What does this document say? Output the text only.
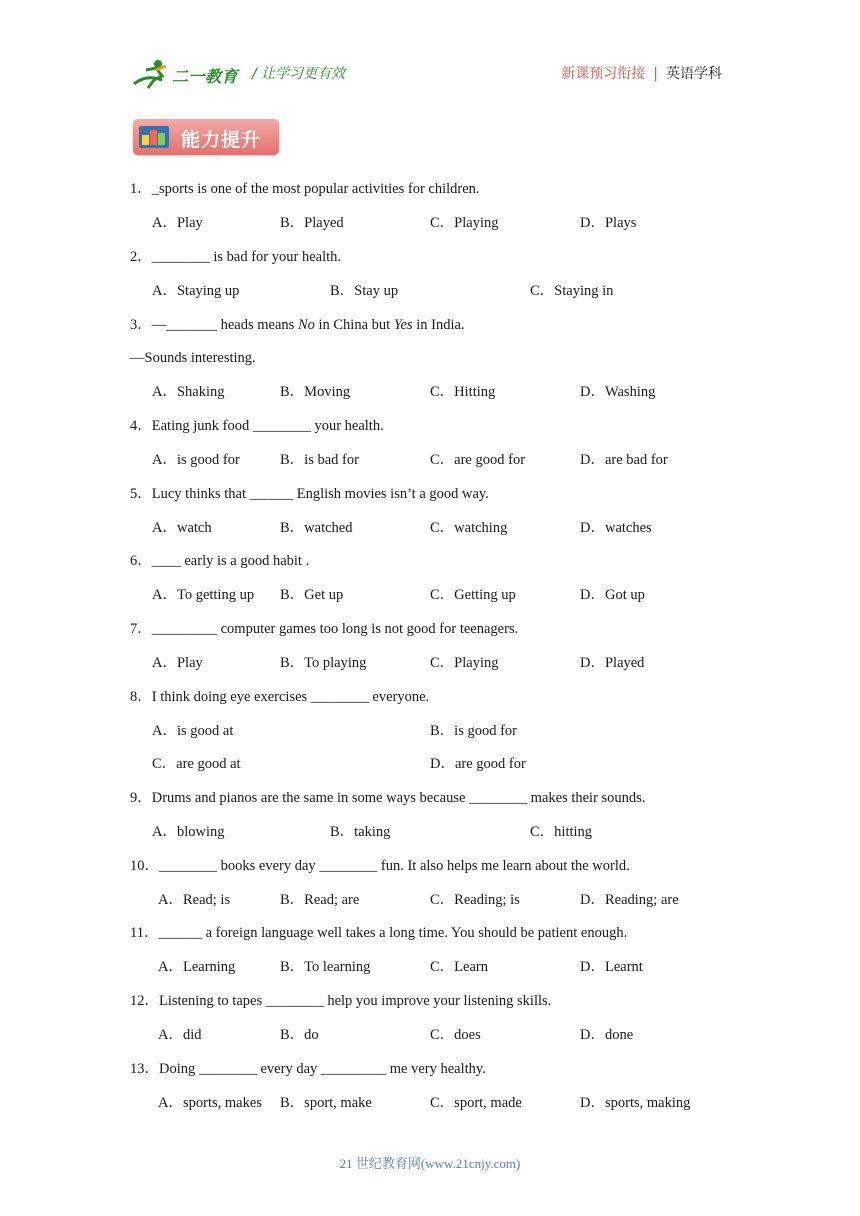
二一教育 / 让学习更有效	新课预习衔接 | 英语学科
能力提升
1．_sports is one of the most popular activities for children.
A．Play	B．Played	C．Playing	D．Plays
2．________ is bad for your health.
A．Staying up	B．Stay up	C．Staying in
3．—_______ heads means No in China but Yes in India.
—Sounds interesting.
A．Shaking	B．Moving	C．Hitting	D．Washing
4．Eating junk food ________ your health.
A．is good for	B．is bad for	C．are good for	D．are bad for
5．Lucy thinks that ______ English movies isn’t a good way.
A．watch	B．watched	C．watching	D．watches
6．____ early is a good habit .
A．To getting up B．Get up	C．Getting up	D．Got up
7．_________ computer games too long is not good for teenagers.
A．Play	B．To playing	C．Playing	D．Played
8．I think doing eye exercises ________ everyone.
A．is good at	B．is good for
C．are good at	D．are good for
9．Drums and pianos are the same in some ways because ________ makes their sounds.
A．blowing	B．taking	C．hitting
10．________ books every day ________ fun. It also helps me learn about the world.
A．Read; is	B．Read; are	C．Reading; is	D．Reading; are
11．______ a foreign language well takes a long time. You should be patient enough.
A．Learning	B．To learning	C．Learn	D．Learnt
12．Listening to tapes ________ help you improve your listening skills.
A．did	B．do	C．does	D．done
13．Doing ________ every day _________ me very healthy.
A．sports, makes B．sport, make	C．sport, made	D．sports, making
21 世纪教育网(www.21cnjy.com)
